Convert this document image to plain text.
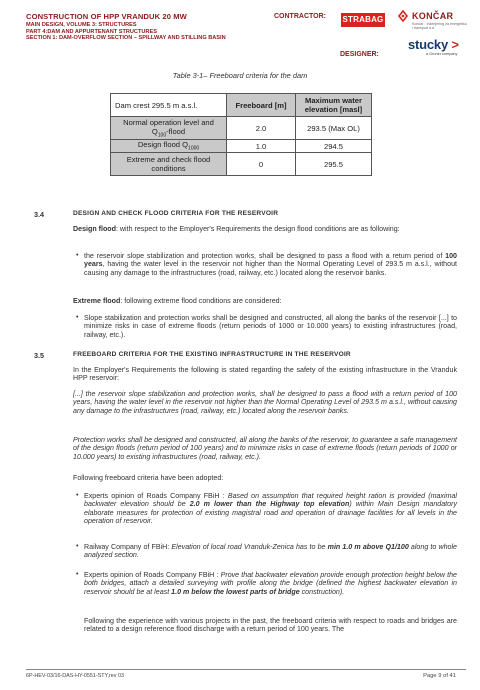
CONSTRUCTION OF HPP VRANDUK 20 MW
MAIN DESIGN, VOLUME 3: STRUCTURES
PART 4:DAM AND APPURTENANT STRUCTURES
SECTION 1: DAM-OVERFLOW SECTION – SPILLWAY AND STILLING BASIN
CONTRACTOR: STRABAG	KONČAR
Končar - Inženjering za energetiku
i transport d.d.
stucky >
a Gruner company
DESIGNER:
Table 3-1– Freeboard criteria for the dam
Dam crest 295.5 m a.s.l.	Freeboard [m]	Maximum water elevation [masl]
Normal operation level and
$Q_{100}$-flood	2.0	293.5 (Max OL)
Design flood $Q_{1000}$	1.0	294.5
Extreme and check flood conditions	0	295.5
3.4	DESIGN AND CHECK FLOOD CRITERIA FOR THE RESERVOIR
Design flood: with respect to the Employer's Requirements the design flood conditions are as following:
• the reservoir slope stabilization and protection works, shall be designed to pass a flood with a return period of 100 years, having the water level in the reservoir not higher than the Normal Operating Level of 293.5 m a.s.l., without causing any damage to the infrastructures (road, railway, etc.) located along the reservoir banks.
Extreme flood: following extreme flood conditions are considered:
• Slope stabilization and protection works shall be designed and constructed, all along the banks of the reservoir [...] to minimize risks in case of extreme floods (return periods of 1000 or 10.000 years) to existing infrastructures (road, railway, etc.).
3.5	FREEBOARD CRITERIA FOR THE EXISTING INFRASTRUCTURE IN THE RESERVOIR
In the Employer's Requirements the following is stated regarding the safety of the existing infrastructure in the Vranduk HPP reservoir:
[...] the reservoir slope stabilization and protection works, shall be designed to pass a flood with a return period of 100 years, having the water level in the reservoir not higher than the Normal Operating Level of 293.5 m a.s.l., without causing any damage to the infrastructures (road, railway, etc.) located along the reservoir banks.
Protection works shall be designed and constructed, all along the banks of the reservoir, to guarantee a safe management of the design floods (return period of 100 years) and to minimize risks in case of extreme floods (return periods of 1000 or 10.000 years) to existing infrastructures (road, railway, etc.).
Following freeboard criteria have been adopted:
• Experts opinion of Roads Company FBiH : Based on assumption that required height ration is provided (maximal backwater elevation should be 2.0 m lower than the Highway top elevation) within Main Design mandatory elaborate measures for protection of existing magistral road and operation of drainage facilities for all levels in the operation of reservoir.
• Railway Company of FBiH: Elevation of local road Vranduk-Zenica has to be min 1.0 m above Q1/100 along to whole analyzed section.
• Experts opinion of Roads Company FBiH : Prove that backwater elevation provide enough protection height below the both bridges, attach a detailed surveying with profile along the bridge (defined the highest backwater elevation in reservoir should be at least 1.0 m below the lowest parts of bridge construction).
Following the experience with various projects in the past, the freeboard criteria with respect to roads and bridges are related to a design reference flood discharge with a return period of 100 years. The
6P-HEV-03/16-DAS-HY-0551-STY,rev 03	Page 9 of 41
